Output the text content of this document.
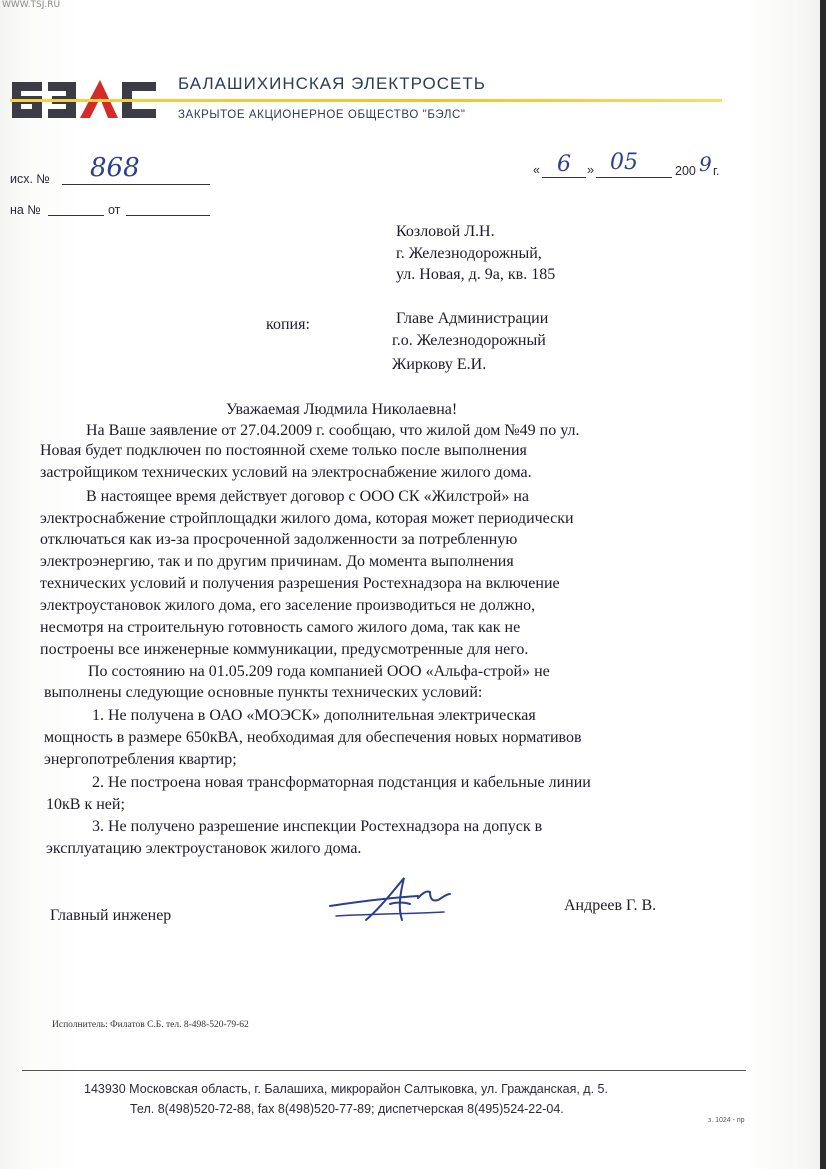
WWW.TSJ.RU
БАЛАШИХИНСКАЯ ЭЛЕКТРОСЕТЬ
ЗАКРЫТОЕ АКЦИОНЕРНОЕ ОБЩЕСТВО "БЭЛС"
исх. № 868
на №	от
« 6 » 05	200 9 г.
Козловой Л.Н.
г. Железнодорожный,
ул. Новая, д. 9а, кв. 185
копия:	Главе Администрации
г.о. Железнодорожный
Жиркову Е.И.
Уважаемая Людмила Николаевна!
На Ваше заявление от 27.04.2009 г. сообщаю, что жилой дом №49 по ул.
Новая будет подключен по постоянной схеме только после выполнения
застройщиком технических условий на электроснабжение жилого дома.
В настоящее время действует договор с ООО СК «Жилстрой» на
электроснабжение стройплощадки жилого дома, которая может периодически
отключаться как из-за просроченной задолженности за потребленную
электроэнергию, так и по другим причинам. До момента выполнения
технических условий и получения разрешения Ростехнадзора на включение
электроустановок жилого дома, его заселение производиться не должно,
несмотря на строительную готовность самого жилого дома, так как не
построены все инженерные коммуникации, предусмотренные для него.
По состоянию на 01.05.209 года компанией ООО «Альфа-строй» не
выполнены следующие основные пункты технических условий:
1. Не получена в ОАО «МОЭСК» дополнительная электрическая
мощность в размере 650кВА, необходимая для обеспечения новых нормативов
энергопотребления квартир;
2. Не построена новая трансформаторная подстанция и кабельные линии
10кВ к ней;
3. Не получено разрешение инспекции Ростехнадзора на допуск в
эксплуатацию электроустановок жилого дома.
Главный инженер
Андреев Г. В.
Исполнитель: Филатов С.Б. тел. 8-498-520-79-62
143930 Московская область, г. Балашиха, микрорайон Салтыковка, ул. Гражданская, д. 5.
Тел. 8(498)520-72-88, fax 8(498)520-77-89; диспетчерская 8(495)524-22-04.
з. 1024 - пр
